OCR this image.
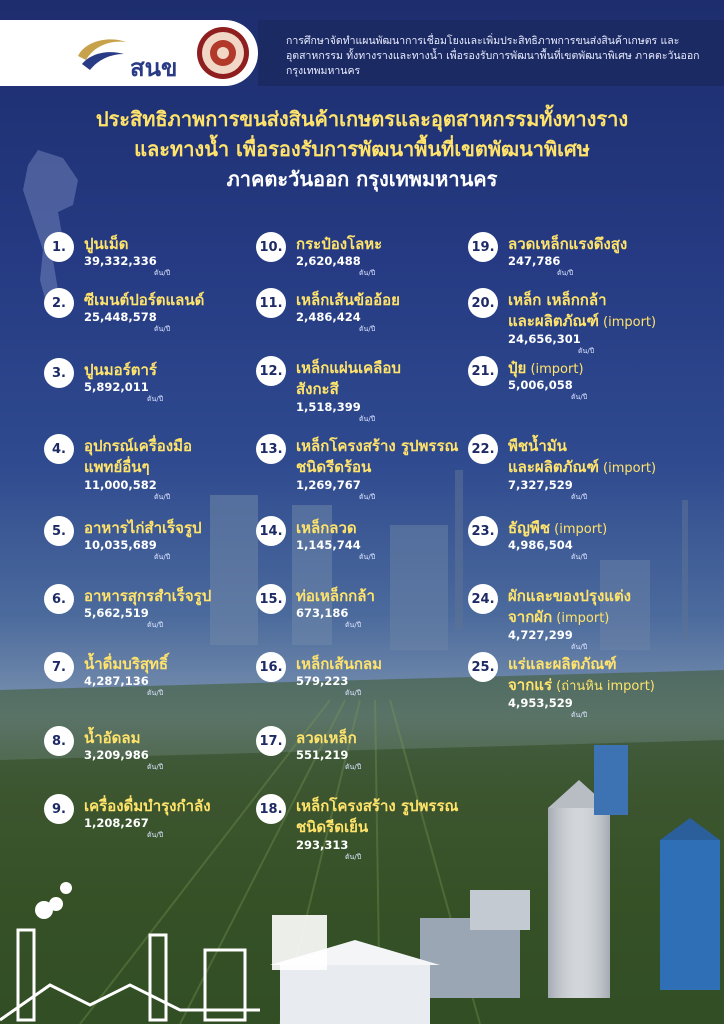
สนข
การศึกษาจัดทำแผนพัฒนาการเชื่อมโยงและเพิ่มประสิทธิภาพการขนส่งสินค้าเกษตร และอุตสาหกรรม ทั้งทางรางและทางน้ำ เพื่อรองรับการพัฒนาพื้นที่เขตพัฒนาพิเศษ ภาคตะวันออก กรุงเทพมหานคร
ประสิทธิภาพการขนส่งสินค้าเกษตรและอุตสาหกรรมทั้งทางราง
และทางน้ำ เพื่อรองรับการพัฒนาพื้นที่เขตพัฒนาพิเศษ
ภาคตะวันออก กรุงเทพมหานคร
1.	ปูนเม็ด
39,332,336
ตัน/ปี
2.	ซีเมนต์ปอร์ตแลนด์
25,448,578
ตัน/ปี
3.	ปูนมอร์ตาร์
5,892,011
ตัน/ปี
4.	อุปกรณ์เครื่องมือ
แพทย์อื่นๆ
11,000,582
ตัน/ปี
5.	อาหารไก่สำเร็จรูป
10,035,689
ตัน/ปี
6.	อาหารสุกรสำเร็จรูป
5,662,519
ตัน/ปี
7.	น้ำดื่มบริสุทธิ์
4,287,136
ตัน/ปี
8.	น้ำอัดลม
3,209,986
ตัน/ปี
9.	เครื่องดื่มบำรุงกำลัง
1,208,267
ตัน/ปี
10. กระป๋องโลหะ
2,620,488
ตัน/ปี
11. เหล็กเส้นข้ออ้อย
2,486,424
ตัน/ปี
12. เหล็กแผ่นเคลือบ
สังกะสี
1,518,399
ตัน/ปี
13. เหล็กโครงสร้าง รูปพรรณ
ชนิดรีดร้อน
1,269,767
ตัน/ปี
14. เหล็กลวด
1,145,744
ตัน/ปี
15. ท่อเหล็กกล้า
673,186
ตัน/ปี
16. เหล็กเส้นกลม
579,223
ตัน/ปี
17. ลวดเหล็ก
551,219
ตัน/ปี
18. เหล็กโครงสร้าง รูปพรรณ
ชนิดรีดเย็น
293,313
ตัน/ปี
19. ลวดเหล็กแรงดึงสูง
247,786
ตัน/ปี
20. เหล็ก เหล็กกล้า
และผลิตภัณฑ์ (import)
24,656,301
ตัน/ปี
21. ปุ๋ย (import)
5,006,058
ตัน/ปี
22. พืชน้ำมัน
และผลิตภัณฑ์ (import)
7,327,529
ตัน/ปี
23. ธัญพืช (import)
4,986,504
ตัน/ปี
24. ผักและของปรุงแต่ง
จากผัก (import)
4,727,299
ตัน/ปี
25. แร่และผลิตภัณฑ์
จากแร่ (ถ่านหิน import)
4,953,529
ตัน/ปี
